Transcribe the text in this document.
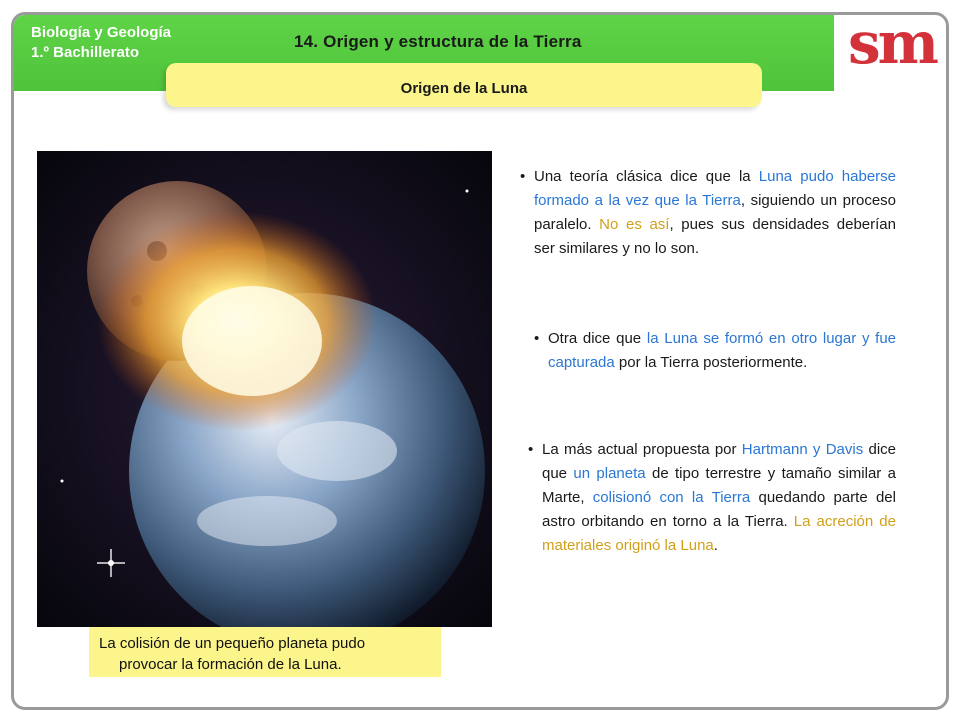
Biología y Geología
1.º Bachillerato
14. Origen y estructura de la Tierra	sm
Origen de la Luna
La colisión de un pequeño planeta pudo
provocar la formación de la Luna.
• Una teoría clásica dice que la Luna pudo haberse formado a la vez que la Tierra, siguiendo un proceso paralelo. No es así, pues sus densidades deberían ser similares y no lo son.
• Otra dice que la Luna se formó en otro lugar y fue capturada por la Tierra posteriormente.
• La más actual propuesta por Hartmann y Davis dice que un planeta de tipo terrestre y tamaño similar a Marte, colisionó con la Tierra quedando parte del astro orbitando en torno a la Tierra. La acreción de materiales originó la Luna.
